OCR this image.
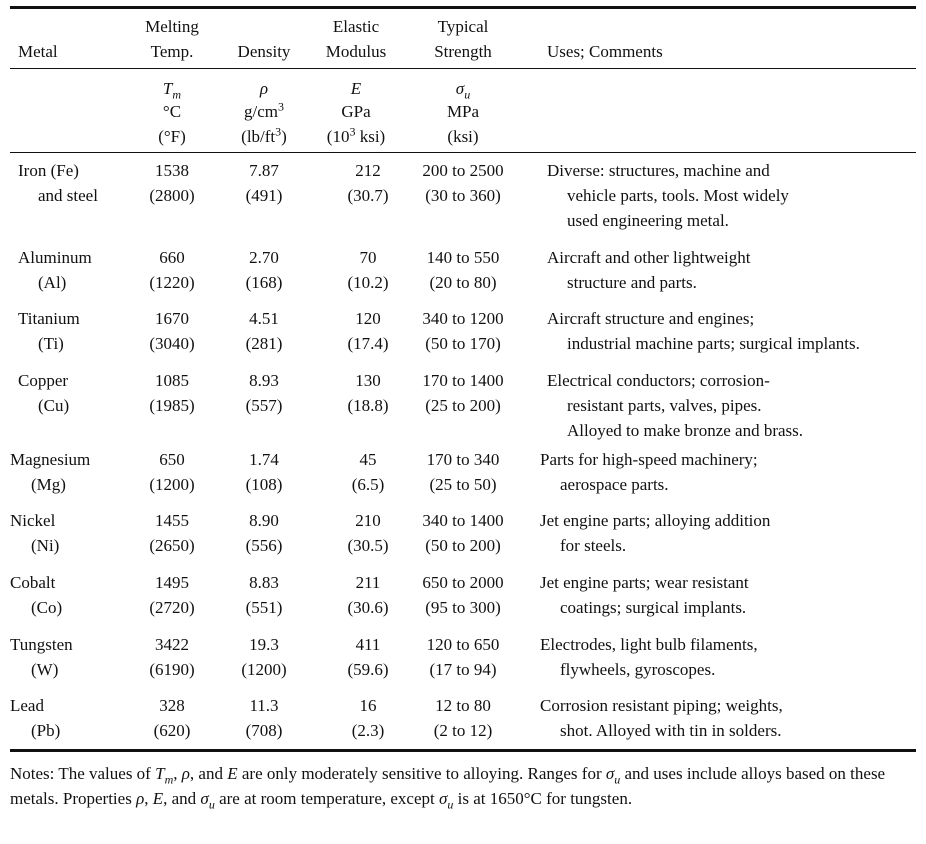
Metal
Melting
Temp.	Density
Elastic
Modulus
Typical
Strength	Uses; Comments
$T_m$
°C
(°F)
ρ
$g/cm^3$
$(lb/ft^3)$
E
GPa
($10^3$ ksi)
$\sigma_u$
MPa
(ksi)
Iron (Fe)
and steel
1538
(2800)
7.87
(491)
212
(30.7)
200 to 2500
(30 to 360)
Diverse: structures, machine and
vehicle parts, tools. Most widely
used engineering metal.
Aluminum
(Al)
660
(1220)
2.70
(168)
70
(10.2)
140 to 550
(20 to 80)
Aircraft and other lightweight
structure and parts.
Titanium
(Ti)
1670
(3040)
4.51
(281)
120
(17.4)
340 to 1200
(50 to 170)
Aircraft structure and engines;
industrial machine parts; surgical implants.
Copper
(Cu)
1085
(1985)
8.93
(557)
130
(18.8)
170 to 1400
(25 to 200)
Electrical conductors; corrosion-
resistant parts, valves, pipes.
Alloyed to make bronze and brass.
Magnesium
(Mg)
650
(1200)
1.74
(108)
45
(6.5)
170 to 340
(25 to 50)
Parts for high-speed machinery;
aerospace parts.
Nickel
(Ni)
1455
(2650)
8.90
(556)
210
(30.5)
340 to 1400
(50 to 200)
Jet engine parts; alloying addition
for steels.
Cobalt
(Co)
1495
(2720)
8.83
(551)
211
(30.6)
650 to 2000
(95 to 300)
Jet engine parts; wear resistant
coatings; surgical implants.
Tungsten
(W)
3422
(6190)
19.3
(1200)
411
(59.6)
120 to 650
(17 to 94)
Electrodes, light bulb filaments,
flywheels, gyroscopes.
Lead
(Pb)
328
(620)
11.3
(708)
16
(2.3)
12 to 80
(2 to 12)
Corrosion resistant piping; weights,
shot. Alloyed with tin in solders.
Notes: The values of $T_m$, ρ, and E are only moderately sensitive to alloying. Ranges for $\sigma_u$ and uses include alloys based on these metals. Properties ρ, E, and $\sigma_u$ are at room temperature, except $\sigma_u$ is at 1650°C for tungsten.
